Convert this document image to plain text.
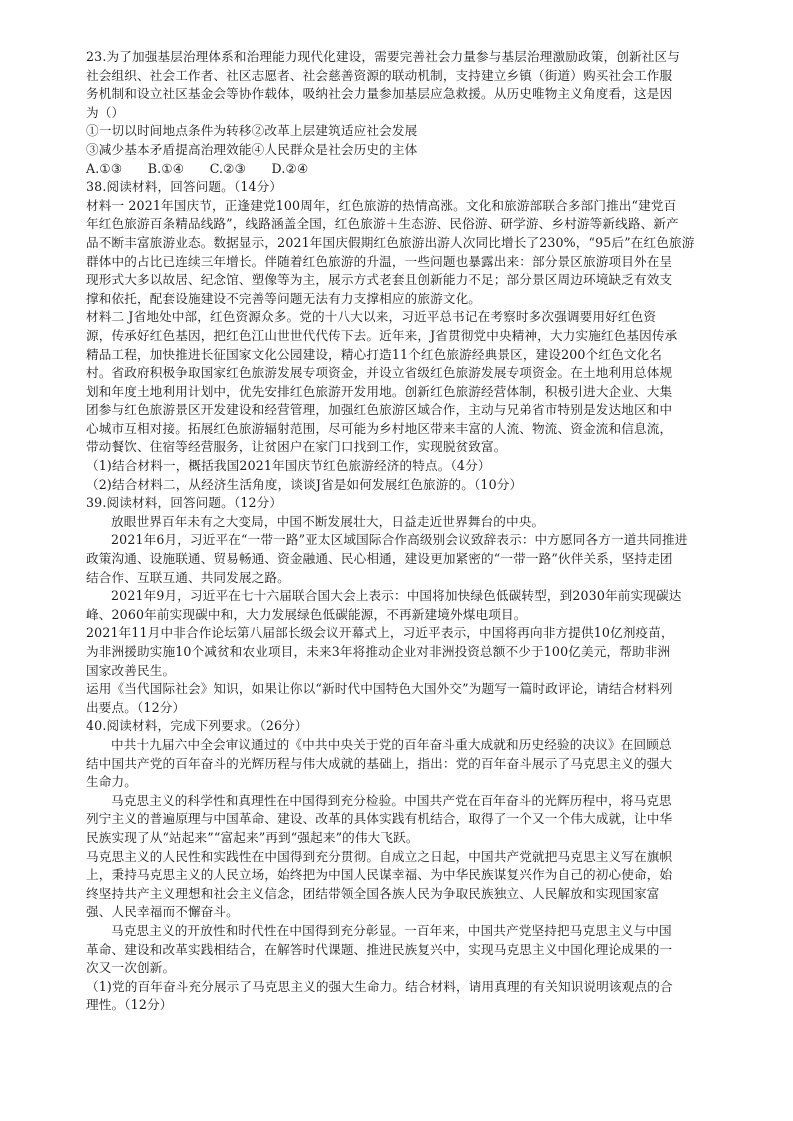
23.为了加强基层治理体系和治理能力现代化建设，需要完善社会力量参与基层治理激励政策，创新社区与
社会组织、社会工作者、社区志愿者、社会慈善资源的联动机制，支持建立乡镇（街道）购买社会工作服
务机制和设立社区基金会等协作载体，吸纳社会力量参加基层应急救援。从历史唯物主义角度看，这是因
为（）
①一切以时间地点条件为转移②改革上层建筑适应社会发展
③减少基本矛盾提高治理效能④人民群众是社会历史的主体
A.①③　　B.①④　　C.②③　　D.②④
38.阅读材料，回答问题。（14分）
材料一 2021年国庆节，正逢建党100周年，红色旅游的热情高涨。文化和旅游部联合多部门推出“建党百
年红色旅游百条精品线路”，线路涵盖全国，红色旅游＋生态游、民俗游、研学游、乡村游等新线路、新产
品不断丰富旅游业态。数据显示，2021年国庆假期红色旅游出游人次同比增长了230%，“95后”在红色旅游
群体中的占比已连续三年增长。伴随着红色旅游的升温，一些问题也暴露出来：部分景区旅游项目外在呈
现形式大多以故居、纪念馆、塑像等为主，展示方式老套且创新能力不足；部分景区周边环境缺乏有效支
撑和依托，配套设施建设不完善等问题无法有力支撑相应的旅游文化。
材料二 J省地处中部，红色资源众多。党的十八大以来，习近平总书记在考察时多次强调要用好红色资
源，传承好红色基因，把红色江山世世代代传下去。近年来，J省贯彻党中央精神，大力实施红色基因传承
精品工程，加快推进长征国家文化公园建设，精心打造11个红色旅游经典景区，建设200个红色文化名
村。省政府积极争取国家红色旅游发展专项资金，并设立省级红色旅游发展专项资金。在土地利用总体规
划和年度土地利用计划中，优先安排红色旅游开发用地。创新红色旅游经营体制，积极引进大企业、大集
团参与红色旅游景区开发建设和经营管理，加强红色旅游区域合作，主动与兄弟省市特别是发达地区和中
心城市互相对接。拓展红色旅游辐射范围，尽可能为乡村地区带来丰富的人流、物流、资金流和信息流，
带动餐饮、住宿等经营服务，让贫困户在家门口找到工作，实现脱贫致富。
（1)结合材料一，概括我国2021年国庆节红色旅游经济的特点。（4分）
（2)结合材料二，从经济生活角度，谈谈J省是如何发展红色旅游的。（10分）
39.阅读材料，回答问题。（12分）
放眼世界百年未有之大变局，中国不断发展壮大，日益走近世界舞台的中央。
2021年6月，习近平在“一带一路”亚太区域国际合作高级别会议致辞表示：中方愿同各方一道共同推进
政策沟通、设施联通、贸易畅通、资金融通、民心相通，建设更加紧密的“一带一路”伙伴关系，坚持走团
结合作、互联互通、共同发展之路。
2021年9月，习近平在七十六届联合国大会上表示：中国将加快绿色低碳转型，到2030年前实现碳达
峰、2060年前实现碳中和，大力发展绿色低碳能源，不再新建境外煤电项目。
2021年11月中非合作论坛第八届部长级会议开幕式上，习近平表示，中国将再向非方提供10亿剂疫苗，
为非洲援助实施10个减贫和农业项目，未来3年将推动企业对非洲投资总额不少于100亿美元，帮助非洲
国家改善民生。
运用《当代国际社会》知识，如果让你以“新时代中国特色大国外交”为题写一篇时政评论，请结合材料列
出要点。（12分）
40.阅读材料，完成下列要求。（26分）
中共十九届六中全会审议通过的《中共中央关于党的百年奋斗重大成就和历史经验的决议》在回顾总
结中国共产党的百年奋斗的光辉历程与伟大成就的基础上，指出：党的百年奋斗展示了马克思主义的强大
生命力。
马克思主义的科学性和真理性在中国得到充分检验。中国共产党在百年奋斗的光辉历程中，将马克思
列宁主义的普遍原理与中国革命、建设、改革的具体实践有机结合，取得了一个又一个伟大成就，让中华
民族实现了从“站起来”“富起来”再到“强起来”的伟大飞跃。
马克思主义的人民性和实践性在中国得到充分贯彻。自成立之日起，中国共产党就把马克思主义写在旗帜
上，秉持马克思主义的人民立场，始终把为中国人民谋幸福、为中华民族谋复兴作为自己的初心使命，始
终坚持共产主义理想和社会主义信念，团结带领全国各族人民为争取民族独立、人民解放和实现国家富
强、人民幸福而不懈奋斗。
马克思主义的开放性和时代性在中国得到充分彰显。一百年来，中国共产党坚持把马克思主义与中国
革命、建设和改革实践相结合，在解答时代课题、推进民族复兴中，实现马克思主义中国化理论成果的一
次又一次创新。
（1)党的百年奋斗充分展示了马克思主义的强大生命力。结合材料，请用真理的有关知识说明该观点的合
理性。（12分）
